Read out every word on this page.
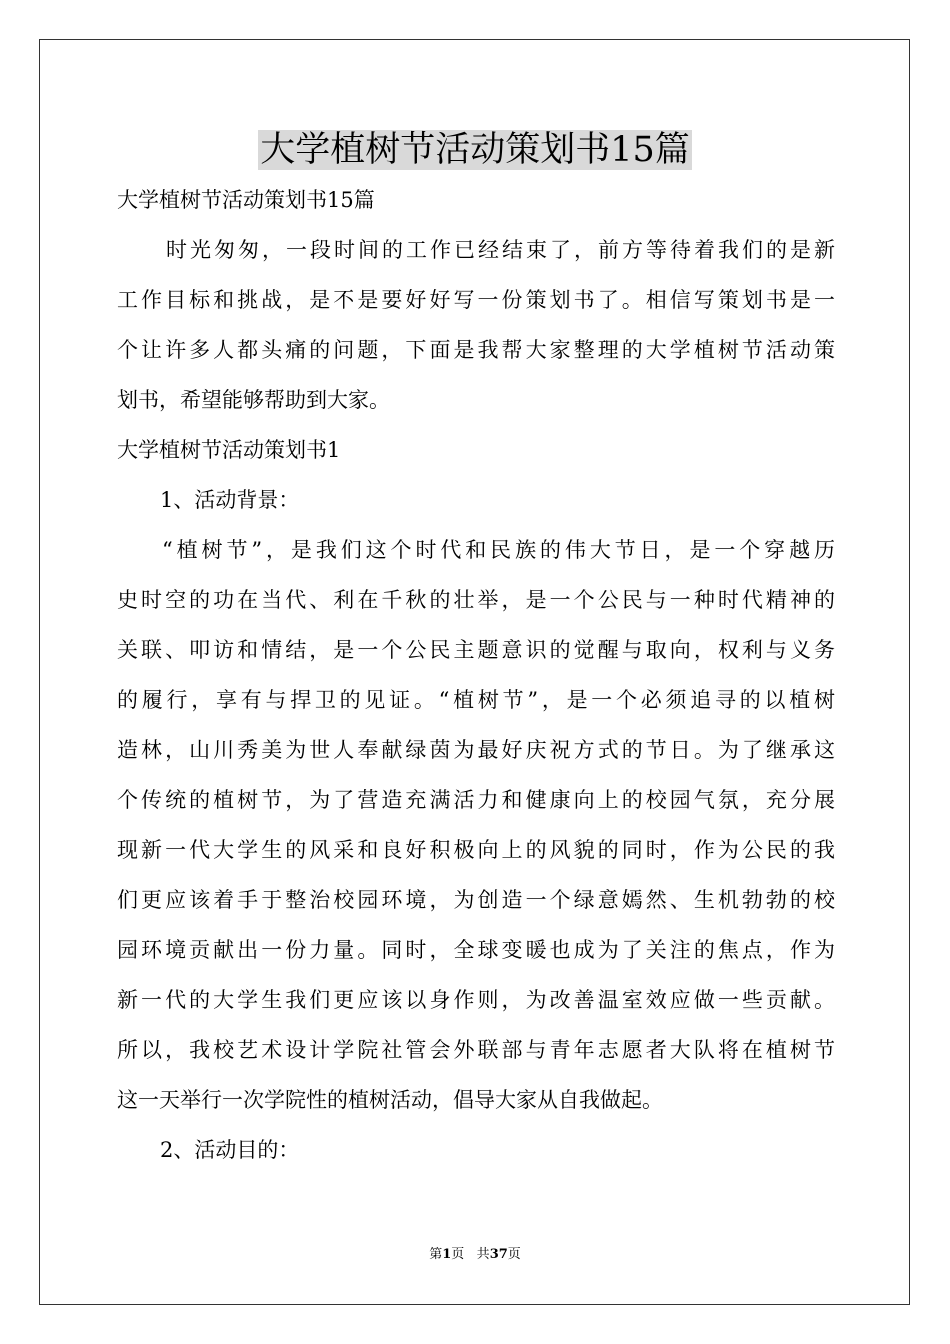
大学植树节活动策划书15篇

大学植树节活动策划书15篇

时光匆匆，一段时间的工作已经结束了，前方等待着我们的是新

工作目标和挑战，是不是要好好写一份策划书了。相信写策划书是一

个让许多人都头痛的问题，下面是我帮大家整理的大学植树节活动策

划书，希望能够帮助到大家。

大学植树节活动策划书1

1、活动背景：

“植树节”，是我们这个时代和民族的伟大节日，是一个穿越历

史时空的功在当代、利在千秋的壮举，是一个公民与一种时代精神的

关联、叩访和情结，是一个公民主题意识的觉醒与取向，权利与义务

的履行，享有与捍卫的见证。“植树节”，是一个必须追寻的以植树

造林，山川秀美为世人奉献绿茵为最好庆祝方式的节日。为了继承这

个传统的植树节，为了营造充满活力和健康向上的校园气氛，充分展

现新一代大学生的风采和良好积极向上的风貌的同时，作为公民的我

们更应该着手于整治校园环境，为创造一个绿意嫣然、生机勃勃的校

园环境贡献出一份力量。同时，全球变暖也成为了关注的焦点，作为

新一代的大学生我们更应该以身作则，为改善温室效应做一些贡献。

所以，我校艺术设计学院社管会外联部与青年志愿者大队将在植树节

这一天举行一次学院性的植树活动，倡导大家从自我做起。

2、活动目的：

第1页 共37页
